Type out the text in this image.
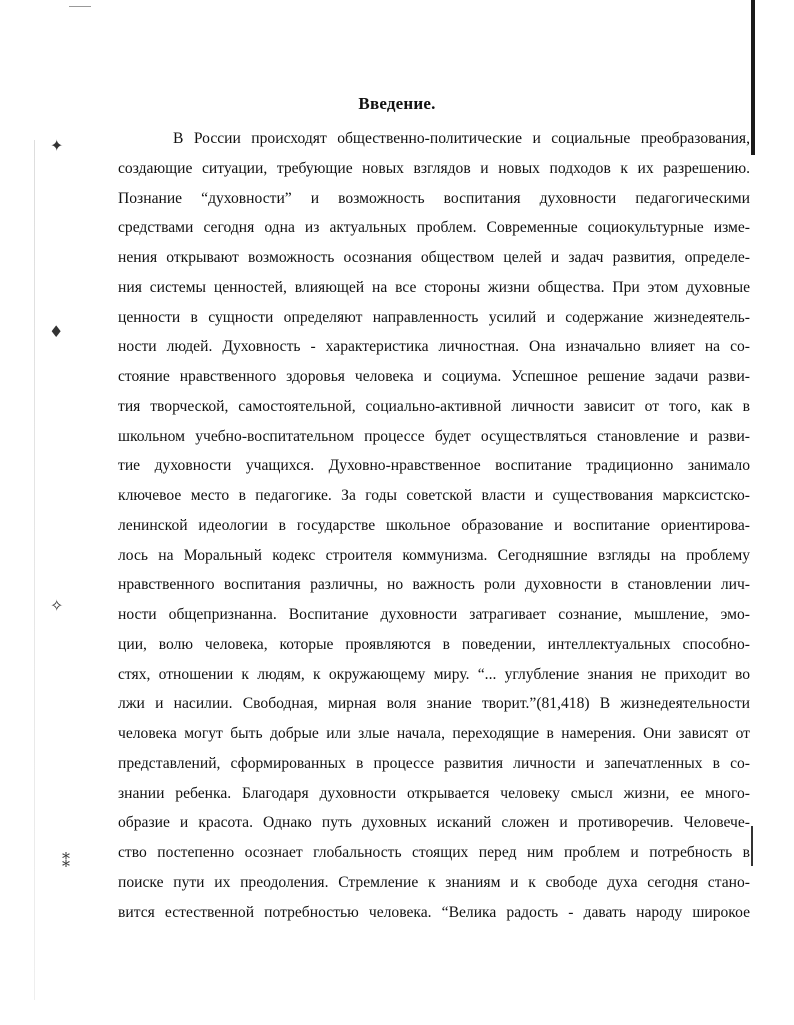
✦
♦
✧
⁑
Введение.
В России происходят общественно-политические и социальные преобразования,
создающие ситуации, требующие новых взглядов и новых подходов к их разрешению.
Познание “духовности” и возможность воспитания духовности педагогическими
средствами сегодня одна из актуальных проблем. Современные социокультурные изме-
нения открывают возможность осознания обществом целей и задач развития, определе-
ния системы ценностей, влияющей на все стороны жизни общества. При этом духовные
ценности в сущности определяют направленность усилий и содержание жизнедеятель-
ности людей. Духовность - характеристика личностная. Она изначально влияет на со-
стояние нравственного здоровья человека и социума. Успешное решение задачи разви-
тия творческой, самостоятельной, социально-активной личности зависит от того, как в
школьном учебно-воспитательном процессе будет осуществляться становление и разви-
тие духовности учащихся. Духовно-нравственное воспитание традиционно занимало
ключевое место в педагогике. За годы советской власти и существования марксистско-
ленинской идеологии в государстве школьное образование и воспитание ориентирова-
лось на Моральный кодекс строителя коммунизма. Сегодняшние взгляды на проблему
нравственного воспитания различны, но важность роли духовности в становлении лич-
ности общепризнанна. Воспитание духовности затрагивает сознание, мышление, эмо-
ции, волю человека, которые проявляются в поведении, интеллектуальных способно-
стях, отношении к людям, к окружающему миру. “... углубление знания не приходит во
лжи и насилии. Свободная, мирная воля знание творит.”(81,418) В жизнедеятельности
человека могут быть добрые или злые начала, переходящие в намерения. Они зависят от
представлений, сформированных в процессе развития личности и запечатленных в со-
знании ребенка. Благодаря духовности открывается человеку смысл жизни, ее много-
образие и красота. Однако путь духовных исканий сложен и противоречив. Человече-
ство постепенно осознает глобальность стоящих перед ним проблем и потребность в
поиске пути их преодоления. Стремление к знаниям и к свободе духа сегодня стано-
вится естественной потребностью человека. “Велика радость - давать народу широкое
